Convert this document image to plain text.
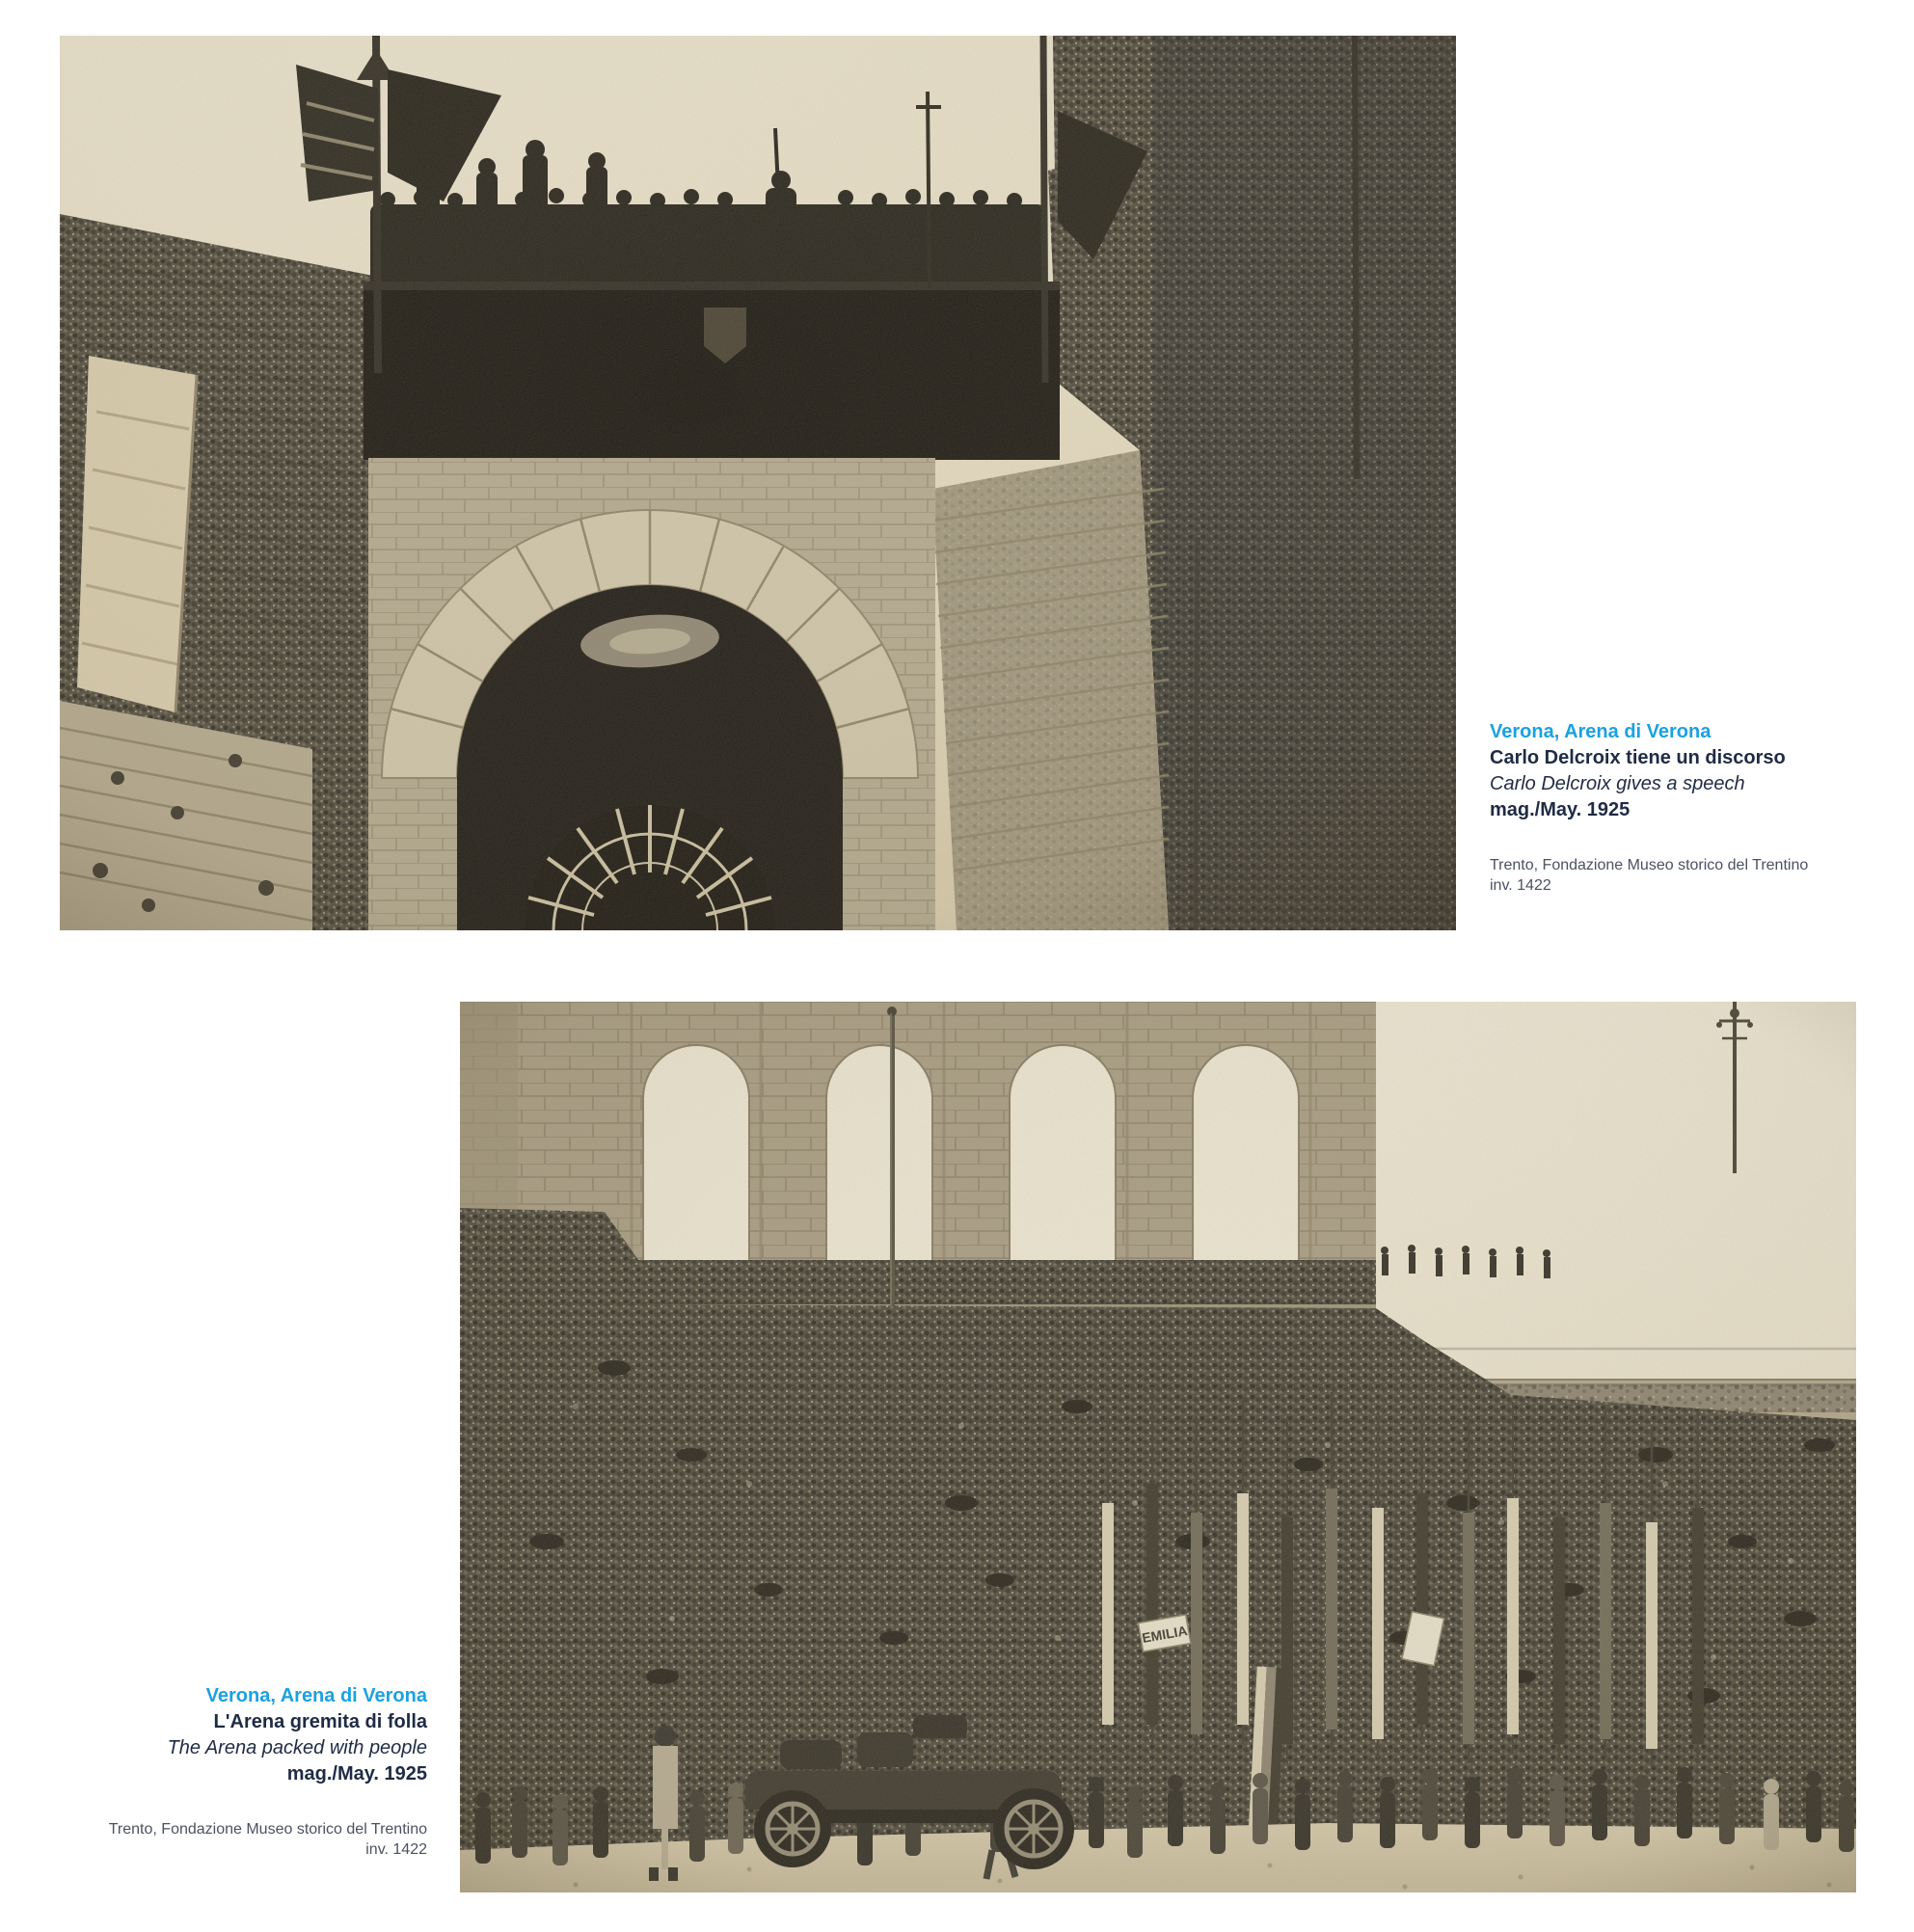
Verona, Arena di Verona
Carlo Delcroix tiene un discorso
Carlo Delcroix gives a speech
mag./May. 1925
Trento, Fondazione Museo storico del Trentino
inv. 1422
Verona, Arena di Verona
L'Arena gremita di folla
The Arena packed with people
mag./May. 1925
Trento, Fondazione Museo storico del Trentino
inv. 1422
